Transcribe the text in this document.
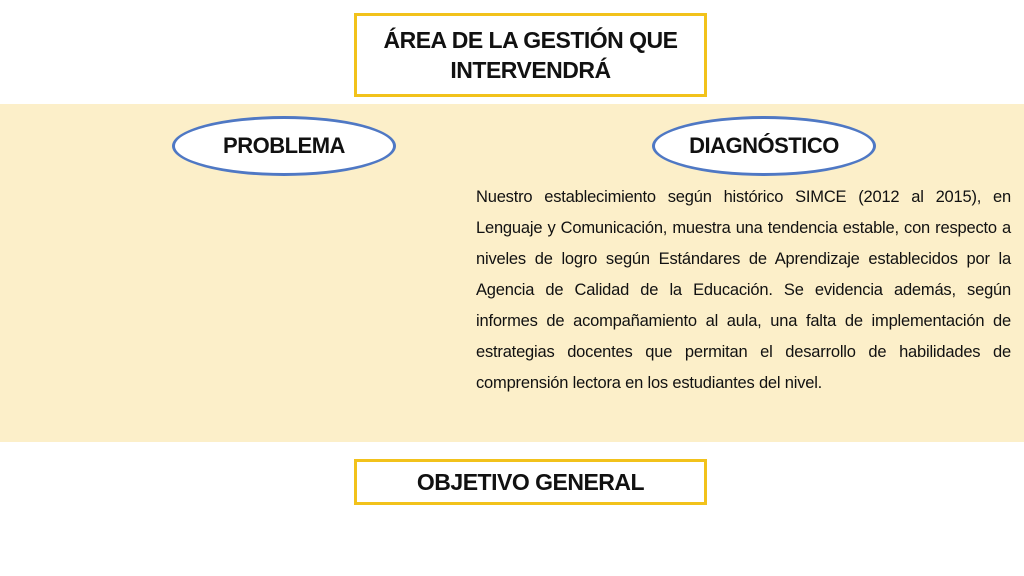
ÁREA DE LA GESTIÓN QUE
INTERVENDRÁ
PROBLEMA	DIAGNÓSTICO

Nuestro establecimiento según histórico SIMCE (2012 al 2015), en Lenguaje y Comunicación, muestra una tendencia estable, con respecto a niveles de logro según Estándares de Aprendizaje establecidos por la Agencia de Calidad de la Educación. Se evidencia además, según informes de acompañamiento al aula, una falta de implementación de estrategias docentes que permitan el desarrollo de habilidades de comprensión lectora en los estudiantes del nivel.

OBJETIVO GENERAL
